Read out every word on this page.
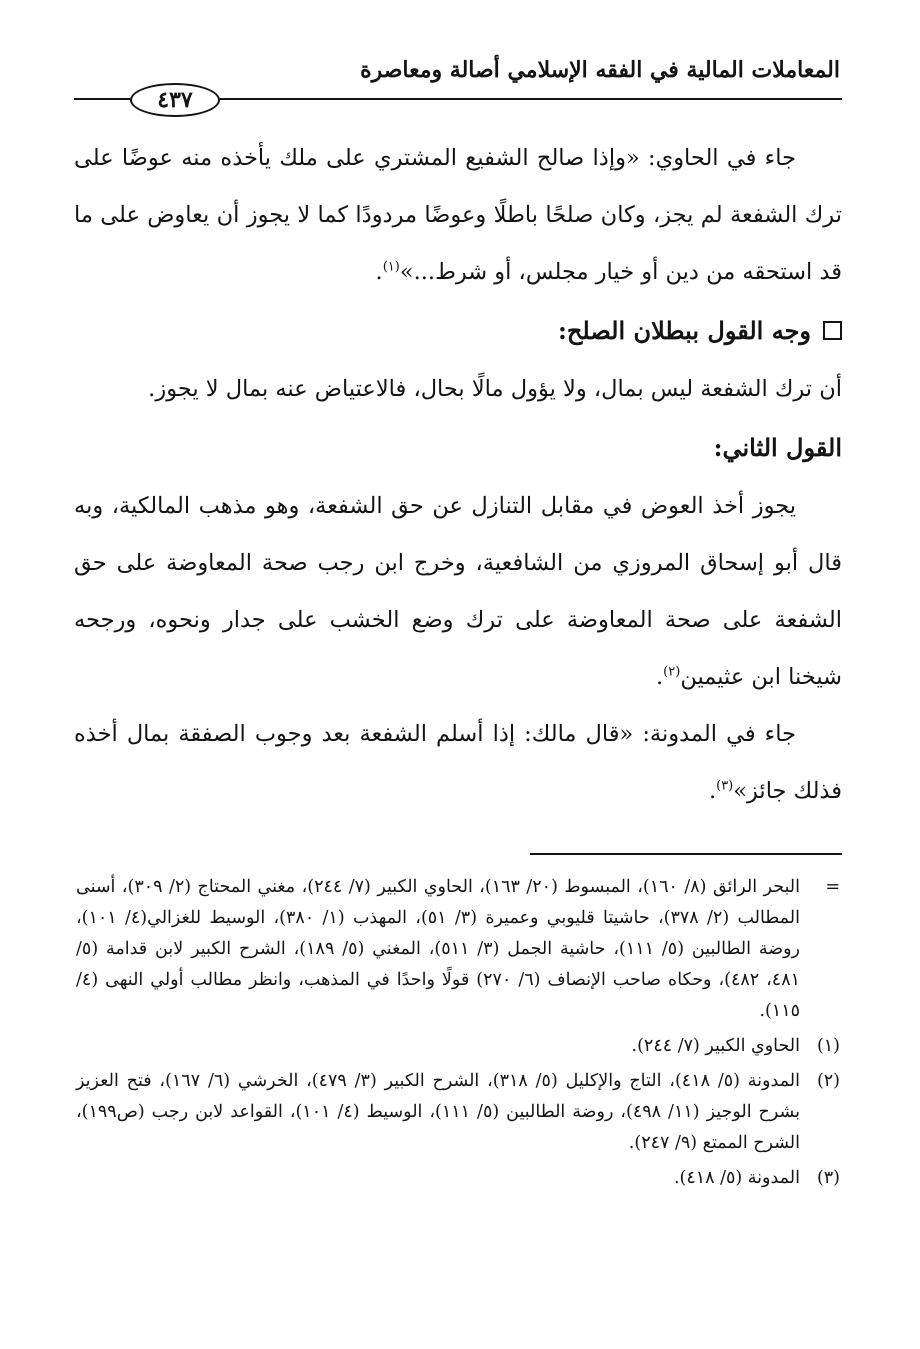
المعاملات المالية في الفقه الإسلامي أصالة ومعاصرة
٤٣٧

جاء في الحاوي: «وإذا صالح الشفيع المشتري على ملك يأخذه منه عوضًا على ترك الشفعة لم يجز، وكان صلحًا باطلًا وعوضًا مردودًا كما لا يجوز أن يعاوض على ما قد استحقه من دين أو خيار مجلس، أو شرط...»$^{(١)}$.

وجه القول ببطلان الصلح:

أن ترك الشفعة ليس بمال، ولا يؤول مالًا بحال، فالاعتياض عنه بمال لا يجوز.

القول الثاني:

يجوز أخذ العوض في مقابل التنازل عن حق الشفعة، وهو مذهب المالكية، وبه قال أبو إسحاق المروزي من الشافعية، وخرج ابن رجب صحة المعاوضة على حق الشفعة على صحة المعاوضة على ترك وضع الخشب على جدار ونحوه، ورجحه شيخنا ابن عثيمين$^{(٢)}$.

جاء في المدونة: «قال مالك: إذا أسلم الشفعة بعد وجوب الصفقة بمال أخذه فذلك جائز»$^{(٣)}$.

=
البحر الرائق (٨/ ١٦٠)، المبسوط (٢٠/ ١٦٣)، الحاوي الكبير (٧/ ٢٤٤)، مغني المحتاج (٢/ ٣٠٩)، أسنى المطالب (٢/ ٣٧٨)، حاشيتا قليوبي وعميرة (٣/ ٥١)، المهذب (١/ ٣٨٠)، الوسيط للغزالي(٤/ ١٠١)، روضة الطالبين (٥/ ١١١)، حاشية الجمل (٣/ ٥١١)، المغني (٥/ ١٨٩)، الشرح الكبير لابن قدامة (٥/ ٤٨١، ٤٨٢)، وحكاه صاحب الإنصاف (٦/ ٢٧٠) قولًا واحدًا في المذهب، وانظر مطالب أولي النهى (٤/ ١١٥).
(١)
الحاوي الكبير (٧/ ٢٤٤).
(٢)
المدونة (٥/ ٤١٨)، التاج والإكليل (٥/ ٣١٨)، الشرح الكبير (٣/ ٤٧٩)، الخرشي (٦/ ١٦٧)، فتح العزيز بشرح الوجيز (١١/ ٤٩٨)، روضة الطالبين (٥/ ١١١)، الوسيط (٤/ ١٠١)، القواعد لابن رجب (ص١٩٩)، الشرح الممتع (٩/ ٢٤٧).
(٣)
المدونة (٥/ ٤١٨).
